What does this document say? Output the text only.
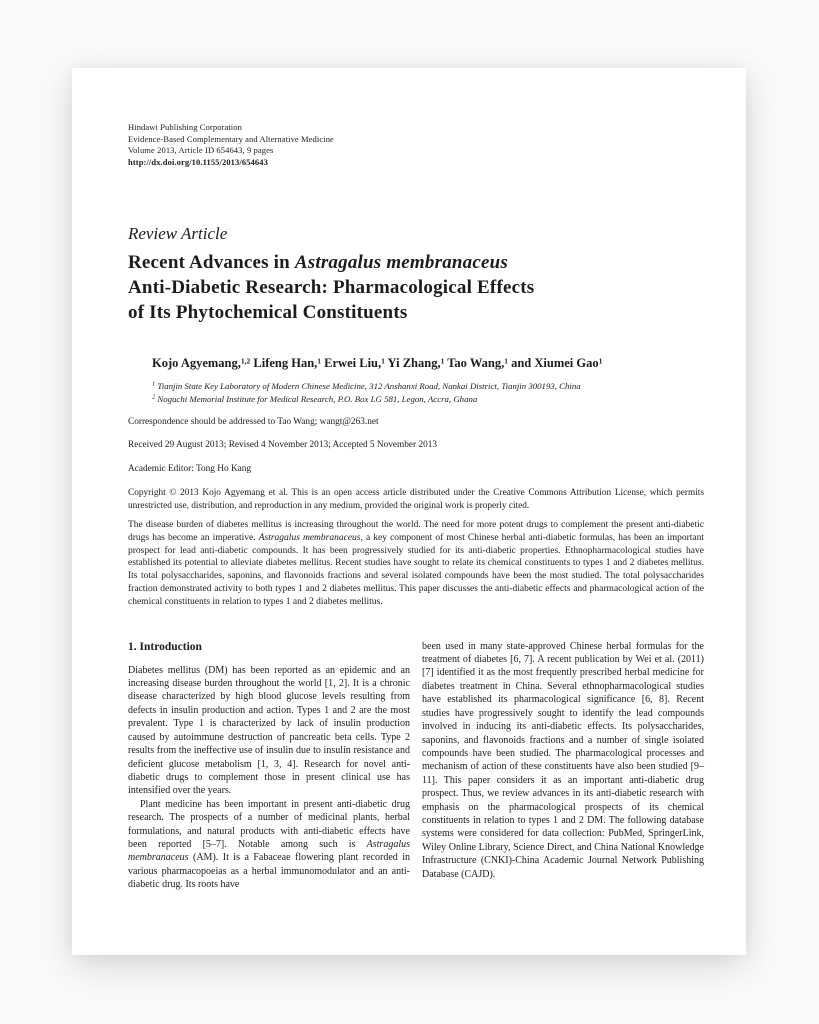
Hindawi Publishing Corporation
Evidence-Based Complementary and Alternative Medicine
Volume 2013, Article ID 654643, 9 pages
http://dx.doi.org/10.1155/2013/654643
Review Article
Recent Advances in Astragalus membranaceus
Anti-Diabetic Research: Pharmacological Effects
of Its Phytochemical Constituents
Kojo Agyemang,$^{1,2}$ Lifeng Han,$^1$ Erwei Liu,$^1$ Yi Zhang,$^1$ Tao Wang,$^1$ and Xiumei Gao$^1$
$^1$ Tianjin State Key Laboratory of Modern Chinese Medicine, 312 Anshanxi Road, Nankai District, Tianjin 300193, China
$^2$ Noguchi Memorial Institute for Medical Research, P.O. Box LG 581, Legon, Accra, Ghana
Correspondence should be addressed to Tao Wang; wangt@263.net
Received 29 August 2013; Revised 4 November 2013; Accepted 5 November 2013
Academic Editor: Tong Ho Kang
Copyright © 2013 Kojo Agyemang et al. This is an open access article distributed under the Creative Commons Attribution License, which permits unrestricted use, distribution, and reproduction in any medium, provided the original work is properly cited.

The disease burden of diabetes mellitus is increasing throughout the world. The need for more potent drugs to complement the present anti-diabetic drugs has become an imperative. Astragalus membranaceus, a key component of most Chinese herbal anti-diabetic formulas, has been an important prospect for lead anti-diabetic compounds. It has been progressively studied for its anti-diabetic properties. Ethnopharmacological studies have established its potential to alleviate diabetes mellitus. Recent studies have sought to relate its chemical constituents to types 1 and 2 diabetes mellitus. Its total polysaccharides, saponins, and flavonoids fractions and several isolated compounds have been the most studied. The total polysaccharides fraction demonstrated activity to both types 1 and 2 diabetes mellitus. This paper discusses the anti-diabetic effects and pharmacological action of the chemical constituents in relation to types 1 and 2 diabetes mellitus.

1. Introduction

Diabetes mellitus (DM) has been reported as an epidemic and an increasing disease burden throughout the world [1, 2]. It is a chronic disease characterized by high blood glucose levels resulting from defects in insulin production and action. Types 1 and 2 are the most prevalent. Type 1 is characterized by lack of insulin production caused by autoimmune destruction of pancreatic beta cells. Type 2 results from the ineffective use of insulin due to insulin resistance and deficient glucose metabolism [1, 3, 4]. Research for novel anti-diabetic drugs to complement those in present clinical use has intensified over the years.

Plant medicine has been important in present anti-diabetic drug research. The prospects of a number of medicinal plants, herbal formulations, and natural products with anti-diabetic effects have been reported [5–7]. Notable among such is Astragalus membranaceus (AM). It is a Fabaceae flowering plant recorded in various pharmacopoeias as a herbal immunomodulator and an anti-diabetic drug. Its roots have

been used in many state-approved Chinese herbal formulas for the treatment of diabetes [6, 7]. A recent publication by Wei et al. (2011) [7] identified it as the most frequently prescribed herbal medicine for diabetes treatment in China. Several ethnopharmacological studies have established its pharmacological significance [6, 8]. Recent studies have progressively sought to identify the lead compounds involved in inducing its anti-diabetic effects. Its polysaccharides, saponins, and flavonoids fractions and a number of single isolated compounds have been studied. The pharmacological processes and mechanism of action of these constituents have also been studied [9–11]. This paper considers it as an important anti-diabetic drug prospect. Thus, we review advances in its anti-diabetic research with emphasis on the pharmacological prospects of its chemical constituents in relation to types 1 and 2 DM. The following database systems were considered for data collection: PubMed, SpringerLink, Wiley Online Library, Science Direct, and China National Knowledge Infrastructure (CNKI)-China Academic Journal Network Publishing Database (CAJD).
